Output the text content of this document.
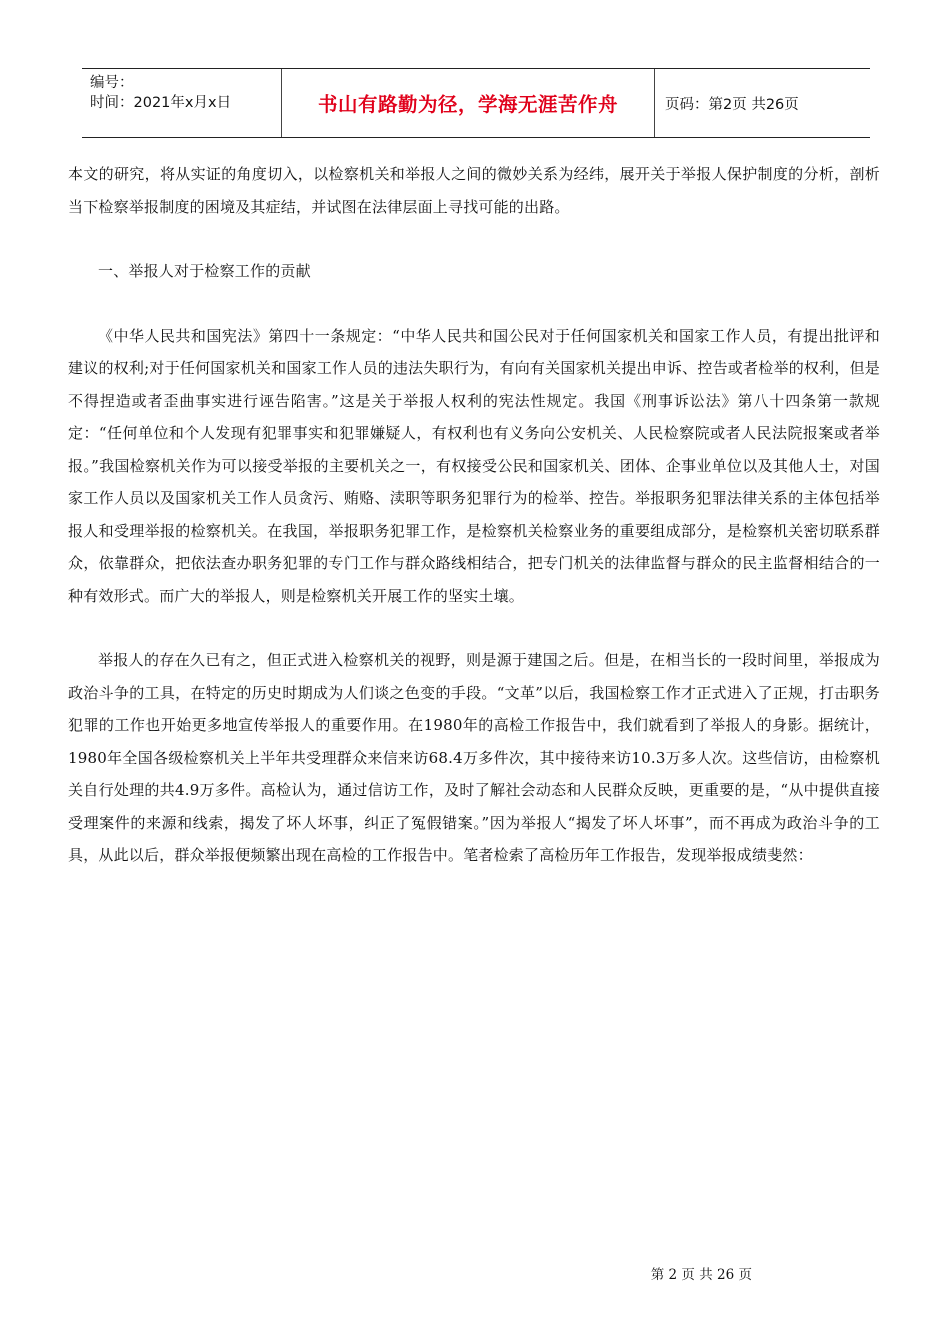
编号：
时间：2021年x月x日	书山有路勤为径，学海无涯苦作舟	页码：第2页 共26页

本文的研究，将从实证的角度切入，以检察机关和举报人之间的微妙关系为经纬，展开关于举报人保护制度的分析，剖析当下检察举报制度的困境及其症结，并试图在法律层面上寻找可能的出路。

一、举报人对于检察工作的贡献

《中华人民共和国宪法》第四十一条规定：“中华人民共和国公民对于任何国家机关和国家工作人员，有提出批评和建议的权利;对于任何国家机关和国家工作人员的违法失职行为，有向有关国家机关提出申诉、控告或者检举的权利，但是不得捏造或者歪曲事实进行诬告陷害。”这是关于举报人权利的宪法性规定。我国《刑事诉讼法》第八十四条第一款规定：“任何单位和个人发现有犯罪事实和犯罪嫌疑人，有权利也有义务向公安机关、人民检察院或者人民法院报案或者举报。”我国检察机关作为可以接受举报的主要机关之一，有权接受公民和国家机关、团体、企事业单位以及其他人士，对国家工作人员以及国家机关工作人员贪污、贿赂、渎职等职务犯罪行为的检举、控告。举报职务犯罪法律关系的主体包括举报人和受理举报的检察机关。在我国，举报职务犯罪工作，是检察机关检察业务的重要组成部分，是检察机关密切联系群众，依靠群众，把依法查办职务犯罪的专门工作与群众路线相结合，把专门机关的法律监督与群众的民主监督相结合的一种有效形式。而广大的举报人，则是检察机关开展工作的坚实土壤。

举报人的存在久已有之，但正式进入检察机关的视野，则是源于建国之后。但是，在相当长的一段时间里，举报成为政治斗争的工具，在特定的历史时期成为人们谈之色变的手段。“文革”以后，我国检察工作才正式进入了正规，打击职务犯罪的工作也开始更多地宣传举报人的重要作用。在1980年的高检工作报告中，我们就看到了举报人的身影。据统计，1980年全国各级检察机关上半年共受理群众来信来访68.4万多件次，其中接待来访10.3万多人次。这些信访，由检察机关自行处理的共4.9万多件。高检认为，通过信访工作，及时了解社会动态和人民群众反映，更重要的是，“从中提供直接受理案件的来源和线索，揭发了坏人坏事，纠正了冤假错案。”因为举报人“揭发了坏人坏事”，而不再成为政治斗争的工具，从此以后，群众举报便频繁出现在高检的工作报告中。笔者检索了高检历年工作报告，发现举报成绩斐然：

第 2 页 共 26 页
